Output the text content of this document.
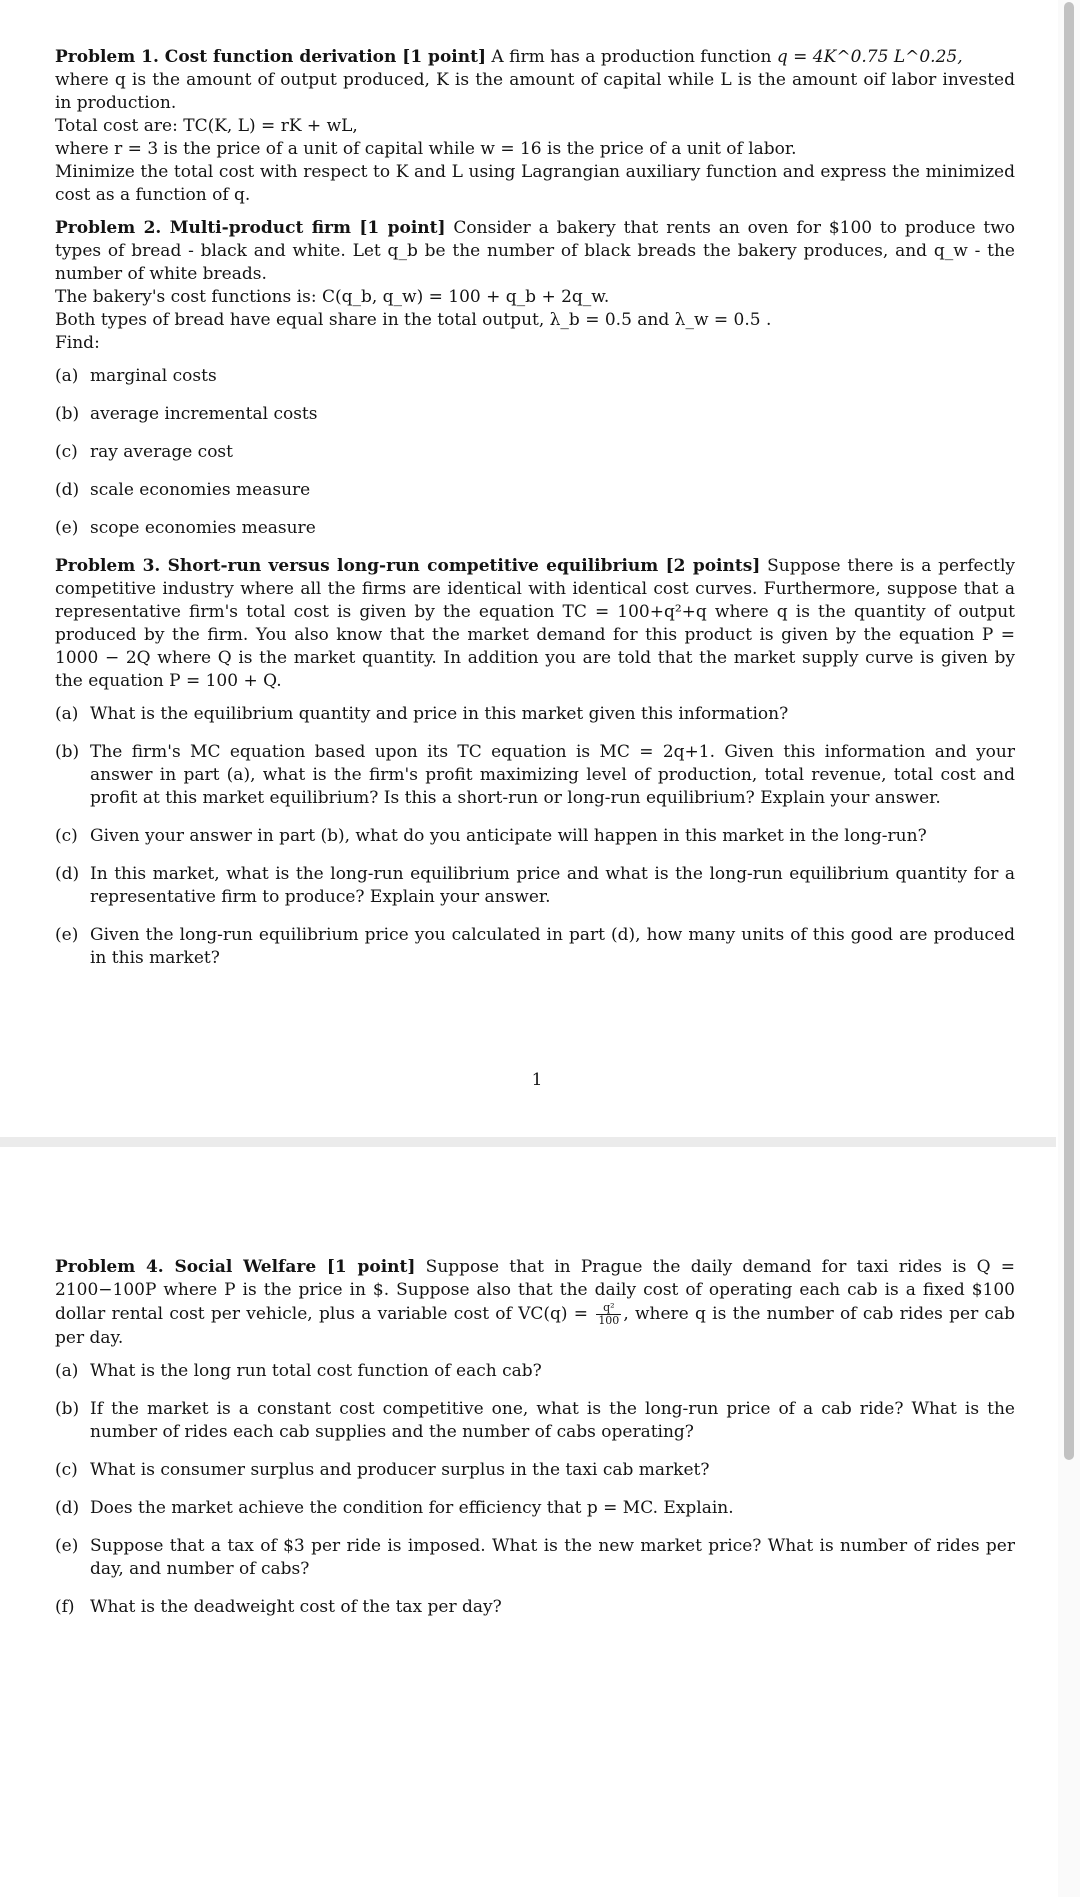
Problem 1. Cost function derivation [1 point] A firm has a production function q = 4K^0.75 L^0.25,

where q is the amount of output produced, K is the amount of capital while L is the amount oif labor invested in production.

Total cost are: TC(K, L) = rK + wL,

where r = 3 is the price of a unit of capital while w = 16 is the price of a unit of labor.

Minimize the total cost with respect to K and L using Lagrangian auxiliary function and express the minimized cost as a function of q.

Problem 2. Multi-product firm [1 point] Consider a bakery that rents an oven for $100 to produce two types of bread - black and white. Let q_b be the number of black breads the bakery produces, and q_w - the number of white breads.

The bakery's cost functions is: C(q_b, q_w) = 100 + q_b + 2q_w.

Both types of bread have equal share in the total output, λ_b = 0.5 and λ_w = 0.5 .

Find:

(a) marginal costs
(b) average incremental costs
(c) ray average cost
(d) scale economies measure
(e) scope economies measure

Problem 3. Short-run versus long-run competitive equilibrium [2 points] Suppose there is a perfectly competitive industry where all the firms are identical with identical cost curves. Furthermore, suppose that a representative firm's total cost is given by the equation TC = 100+q²+q where q is the quantity of output produced by the firm. You also know that the market demand for this product is given by the equation P = 1000 − 2Q where Q is the market quantity. In addition you are told that the market supply curve is given by the equation P = 100 + Q.

(a) What is the equilibrium quantity and price in this market given this information?
(b) The firm's MC equation based upon its TC equation is MC = 2q+1. Given this information and your answer in part (a), what is the firm's profit maximizing level of production, total revenue, total cost and profit at this market equilibrium? Is this a short-run or long-run equilibrium? Explain your answer.
(c) Given your answer in part (b), what do you anticipate will happen in this market in the long-run?
(d) In this market, what is the long-run equilibrium price and what is the long-run equilibrium quantity for a representative firm to produce? Explain your answer.
(e) Given the long-run equilibrium price you calculated in part (d), how many units of this good are produced in this market?
1

Problem 4. Social Welfare [1 point] Suppose that in Prague the daily demand for taxi rides is Q = 2100−100P where P is the price in $. Suppose also that the daily cost of operating each cab is a fixed $100 dollar rental cost per vehicle, plus a variable cost of $VC(q) = \frac{\text{q²}}{100}$ , where q is the number of cab rides per cab per day.

(a) What is the long run total cost function of each cab?
(b) If the market is a constant cost competitive one, what is the long-run price of a cab ride? What is the number of rides each cab supplies and the number of cabs operating?
(c) What is consumer surplus and producer surplus in the taxi cab market?
(d) Does the market achieve the condition for efficiency that p = MC. Explain.
(e) Suppose that a tax of $3 per ride is imposed. What is the new market price? What is number of rides per day, and number of cabs?
(f) What is the deadweight cost of the tax per day?
